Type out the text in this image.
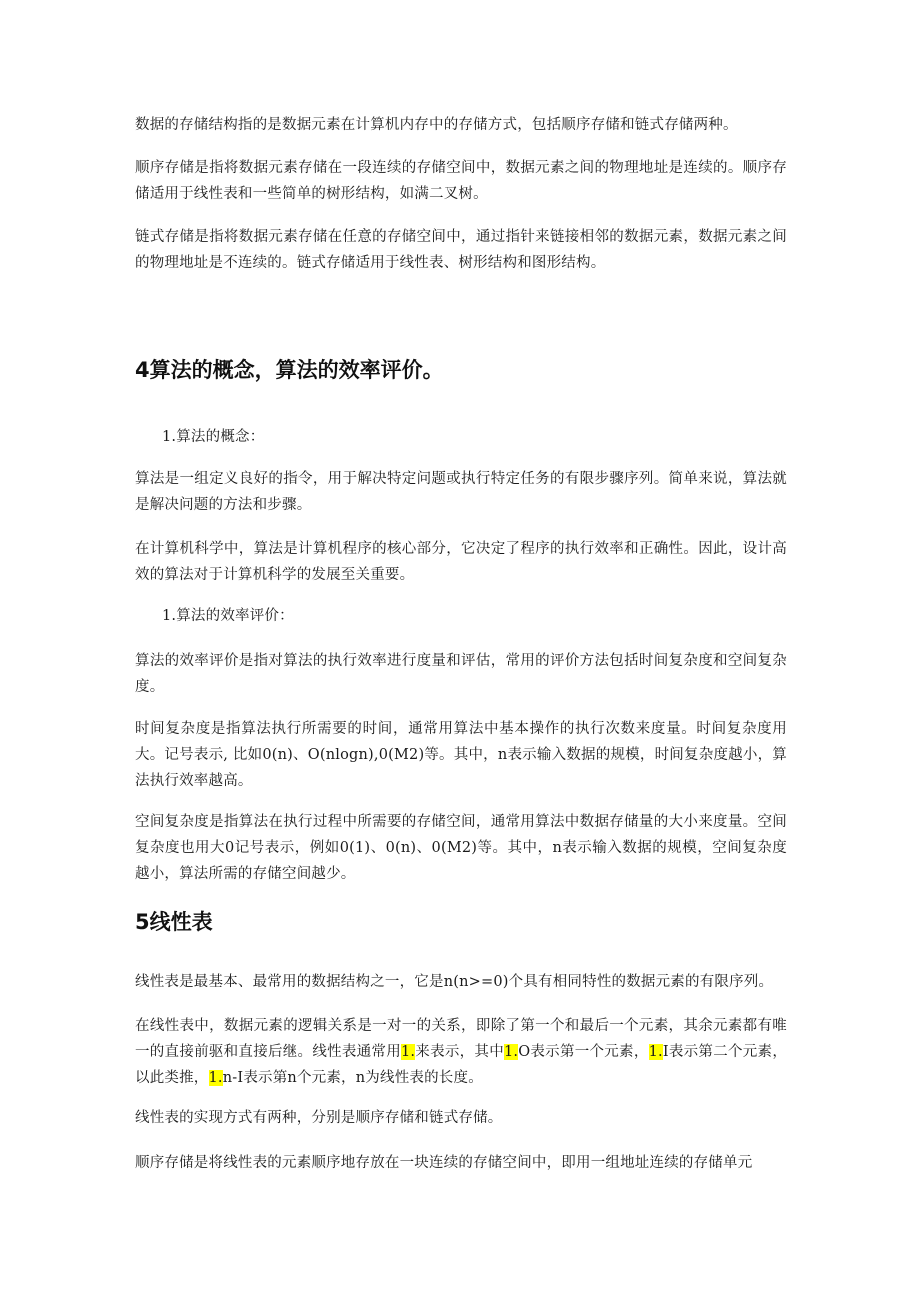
数据的存储结构指的是数据元素在计算机内存中的存储方式，包括顺序存储和链式存储两种。

顺序存储是指将数据元素存储在一段连续的存储空间中，数据元素之间的物理地址是连续的。顺序存储适用于线性表和一些简单的树形结构，如满二叉树。

链式存储是指将数据元素存储在任意的存储空间中，通过指针来链接相邻的数据元素，数据元素之间的物理地址是不连续的。链式存储适用于线性表、树形结构和图形结构。

4算法的概念，算法的效率评价。

1.算法的概念：

算法是一组定义良好的指令，用于解决特定问题或执行特定任务的有限步骤序列。简单来说，算法就是解决问题的方法和步骤。

在计算机科学中，算法是计算机程序的核心部分，它决定了程序的执行效率和正确性。因此，设计高效的算法对于计算机科学的发展至关重要。

1.算法的效率评价：

算法的效率评价是指对算法的执行效率进行度量和评估，常用的评价方法包括时间复杂度和空间复杂度。

时间复杂度是指算法执行所需要的时间，通常用算法中基本操作的执行次数来度量。时间复杂度用大。记号表示, 比如0(n)、O(nlogn),0(M2)等。其中，n表示输入数据的规模，时间复杂度越小，算法执行效率越高。

空间复杂度是指算法在执行过程中所需要的存储空间，通常用算法中数据存储量的大小来度量。空间复杂度也用大0记号表示，例如0(1)、0(n)、0(M2)等。其中，n表示输入数据的规模，空间复杂度越小，算法所需的存储空间越少。

5线性表

线性表是最基本、最常用的数据结构之一，它是n(n>=0)个具有相同特性的数据元素的有限序列。

在线性表中，数据元素的逻辑关系是一对一的关系，即除了第一个和最后一个元素，其余元素都有唯一的直接前驱和直接后继。线性表通常用1.来表示，其中1.O表示第一个元素，1.I表示第二个元素，以此类推，1.n-I表示第n个元素，n为线性表的长度。

线性表的实现方式有两种，分别是顺序存储和链式存储。

顺序存储是将线性表的元素顺序地存放在一块连续的存储空间中，即用一组地址连续的存储单元
